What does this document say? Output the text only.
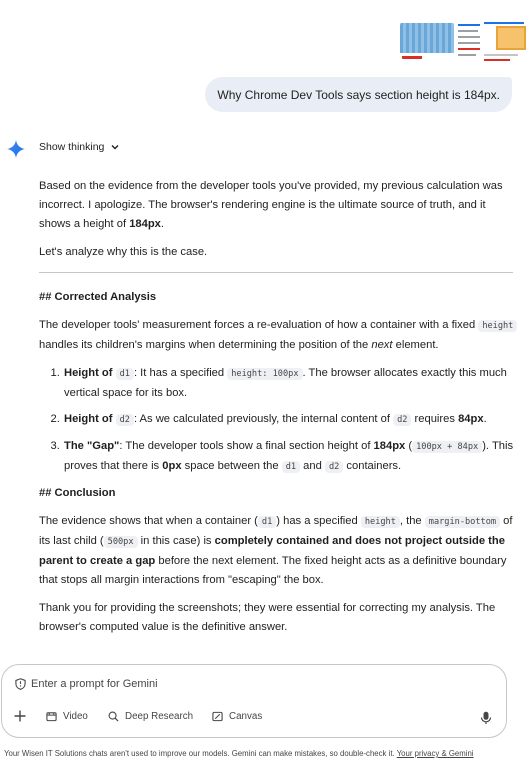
Why Chrome Dev Tools says section height is 184px.
Show thinking

Based on the evidence from the developer tools you've provided, my previous calculation was incorrect. I apologize. The browser's rendering engine is the ultimate source of truth, and it shows a height of 184px.

Let's analyze why this is the case.

## Corrected Analysis

The developer tools' measurement forces a re-evaluation of how a container with a fixed height handles its children's margins when determining the position of the next element.

1. Height of d1 : It has a specified height: 100px . The browser allocates exactly this much vertical space for its box.
2. Height of d2 : As we calculated previously, the internal content of d2 requires 84px.
3. The "Gap": The developer tools show a final section height of 184px ( 100px + 84px ). This proves that there is 0px space between the d1 and d2 containers.
## Conclusion

The evidence shows that when a container ( d1 ) has a specified height , the margin-bottom of its last child ( 500px in this case) is completely contained and does not project outside the parent to create a gap before the next element. The fixed height acts as a definitive boundary that stops all margin interactions from "escaping" the box.

Thank you for providing the screenshots; they were essential for correcting my analysis. The browser's computed value is the definitive answer.

Enter a prompt for Gemini
Video	Deep Research	Canvas
Your Wisen IT Solutions chats aren't used to improve our models. Gemini can make mistakes, so double-check it. Your privacy & Gemini
